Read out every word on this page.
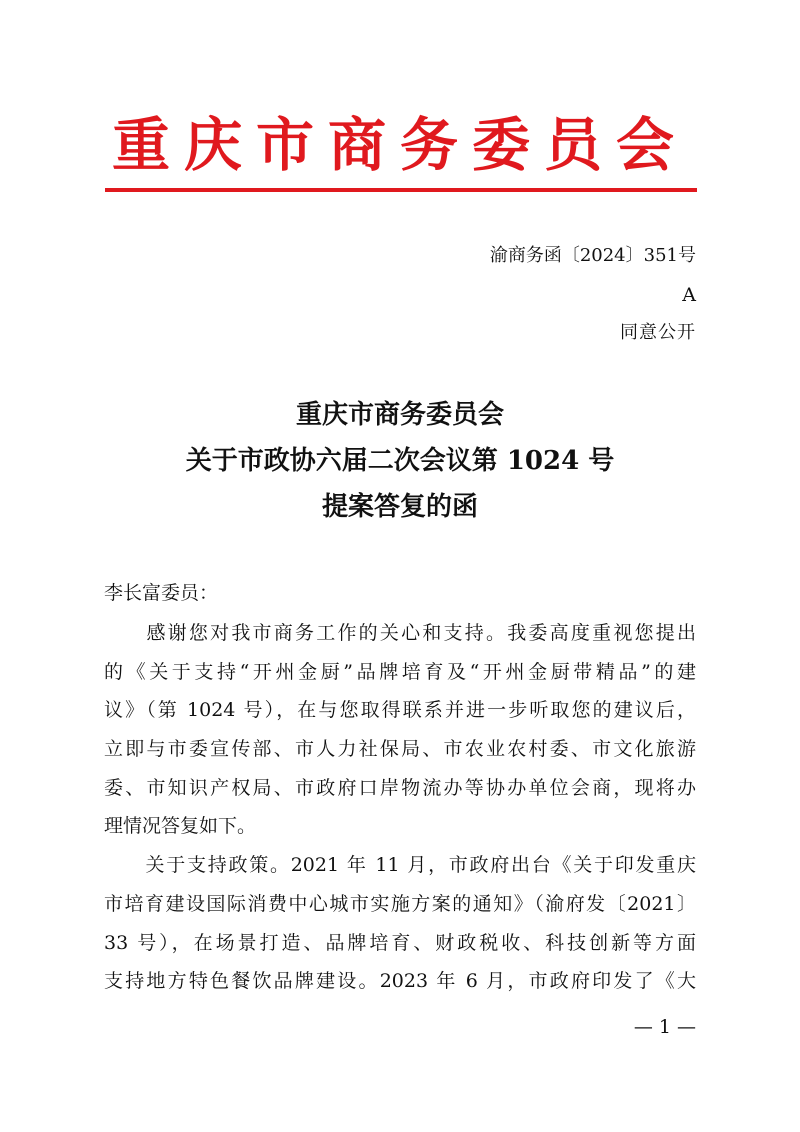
重庆市商务委员会
渝商务函〔2024〕351号
A
同意公开
重庆市商务委员会
关于市政协六届二次会议第 1024 号
提案答复的函
李长富委员：
　　感谢您对我市商务工作的关心和支持。我委高度重视您提出
的《关于支持“开州金厨”品牌培育及“开州金厨带精品”的建
议》（第 1024 号），在与您取得联系并进一步听取您的建议后，
立即与市委宣传部、市人力社保局、市农业农村委、市文化旅游
委、市知识产权局、市政府口岸物流办等协办单位会商，现将办
理情况答复如下。
　　关于支持政策。2021 年 11 月，市政府出台《关于印发重庆
市培育建设国际消费中心城市实施方案的通知》（渝府发〔2021〕
33 号），在场景打造、品牌培育、财政税收、科技创新等方面
支持地方特色餐饮品牌建设。2023 年 6 月，市政府印发了《大
— 1 —
